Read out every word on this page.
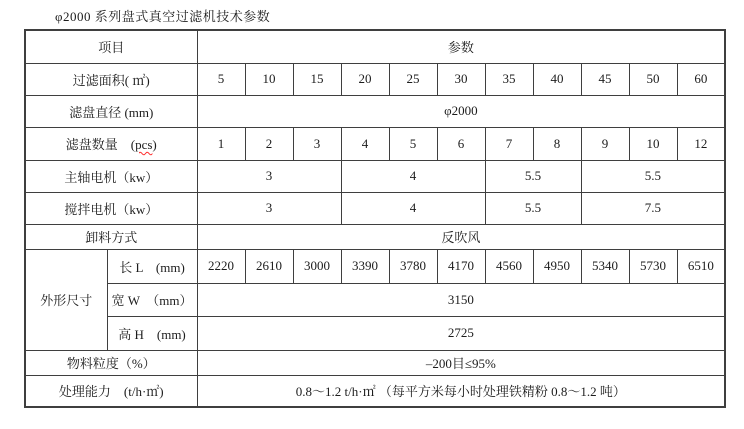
φ2000 系列盘式真空过滤机技术参数
项目		参数										
过滤面积( ㎡)		5	10	15	20	25	30	35	40	45	50	60
滤盘直径 (mm)		φ2000										
滤盘数量　(pcs)		1	2	3	4	5	6	7	8	9	10	12
主轴电机（kw）		3			4			5.5		5.5		
搅拌电机（kw）		3			4			5.5		7.5		
卸料方式		反吹风										
外形尺寸	长 L　(mm)	2220	2610	3000	3390	3780	4170	4560	4950	5340	5730	6510
	宽 W　（mm）	3150										
	高 H　(mm)	2725										
物料粒度（%）		–200目≤95%										
处理能力　(t/h·㎡)		0.8～1.2 t/h·㎡ （每平方米每小时处理铁精粉 0.8～1.2 吨）										
